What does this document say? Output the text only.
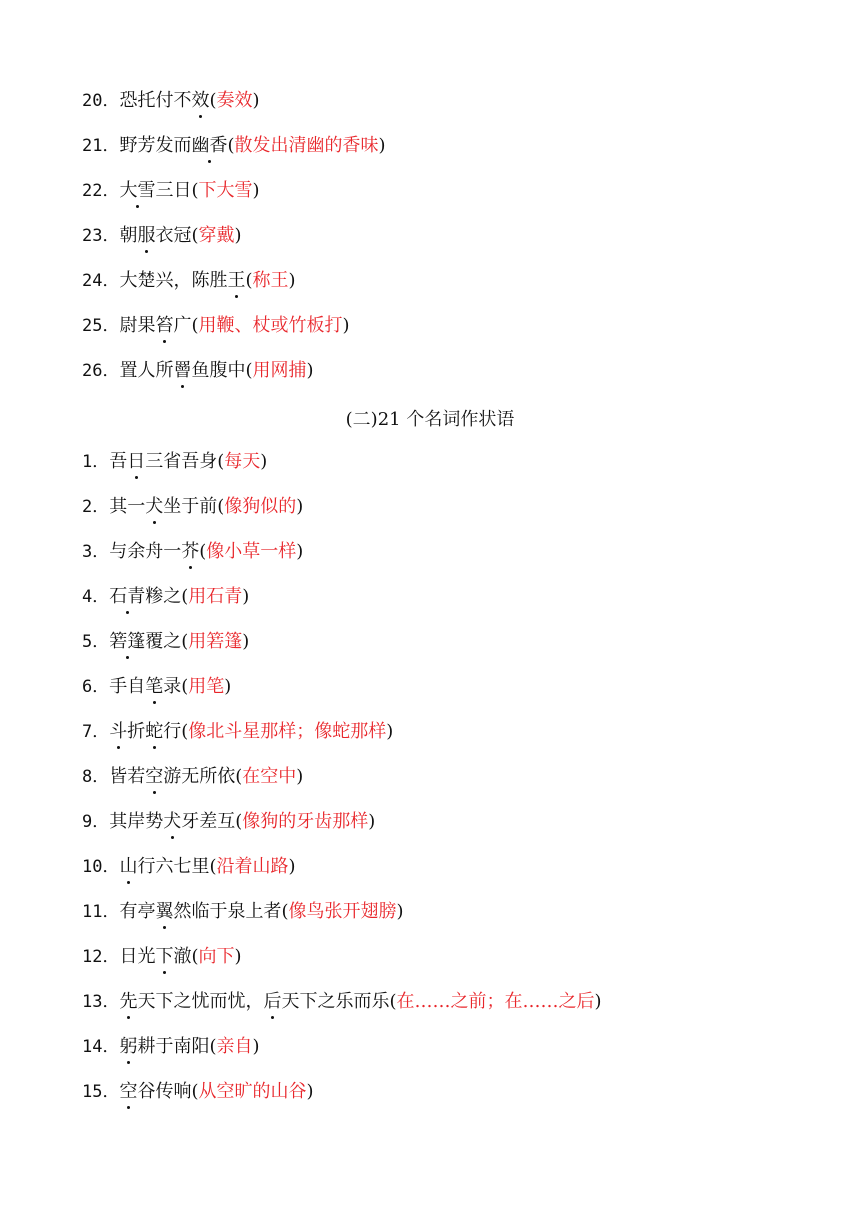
20．恐托付不效(奏效)
21．野芳发而幽香(散发出清幽的香味)
22．大雪三日(下大雪)
23．朝服衣冠(穿戴)
24．大楚兴，陈胜王(称王)
25．尉果笞广(用鞭、杖或竹板打)
26．置人所罾鱼腹中(用网捕)
(二)21 个名词作状语
1．吾日三省吾身(每天)
2．其一犬坐于前(像狗似的)
3．与余舟一芥(像小草一样)
4．石青糁之(用石青)
5．箬篷覆之(用箬篷)
6．手自笔录(用笔)
7．斗折蛇行(像北斗星那样；像蛇那样)
8．皆若空游无所依(在空中)
9．其岸势犬牙差互(像狗的牙齿那样)
10．山行六七里(沿着山路)
11．有亭翼然临于泉上者(像鸟张开翅膀)
12．日光下澈(向下)
13．先天下之忧而忧，后天下之乐而乐(在……之前；在……之后)
14．躬耕于南阳(亲自)
15．空谷传响(从空旷的山谷)
